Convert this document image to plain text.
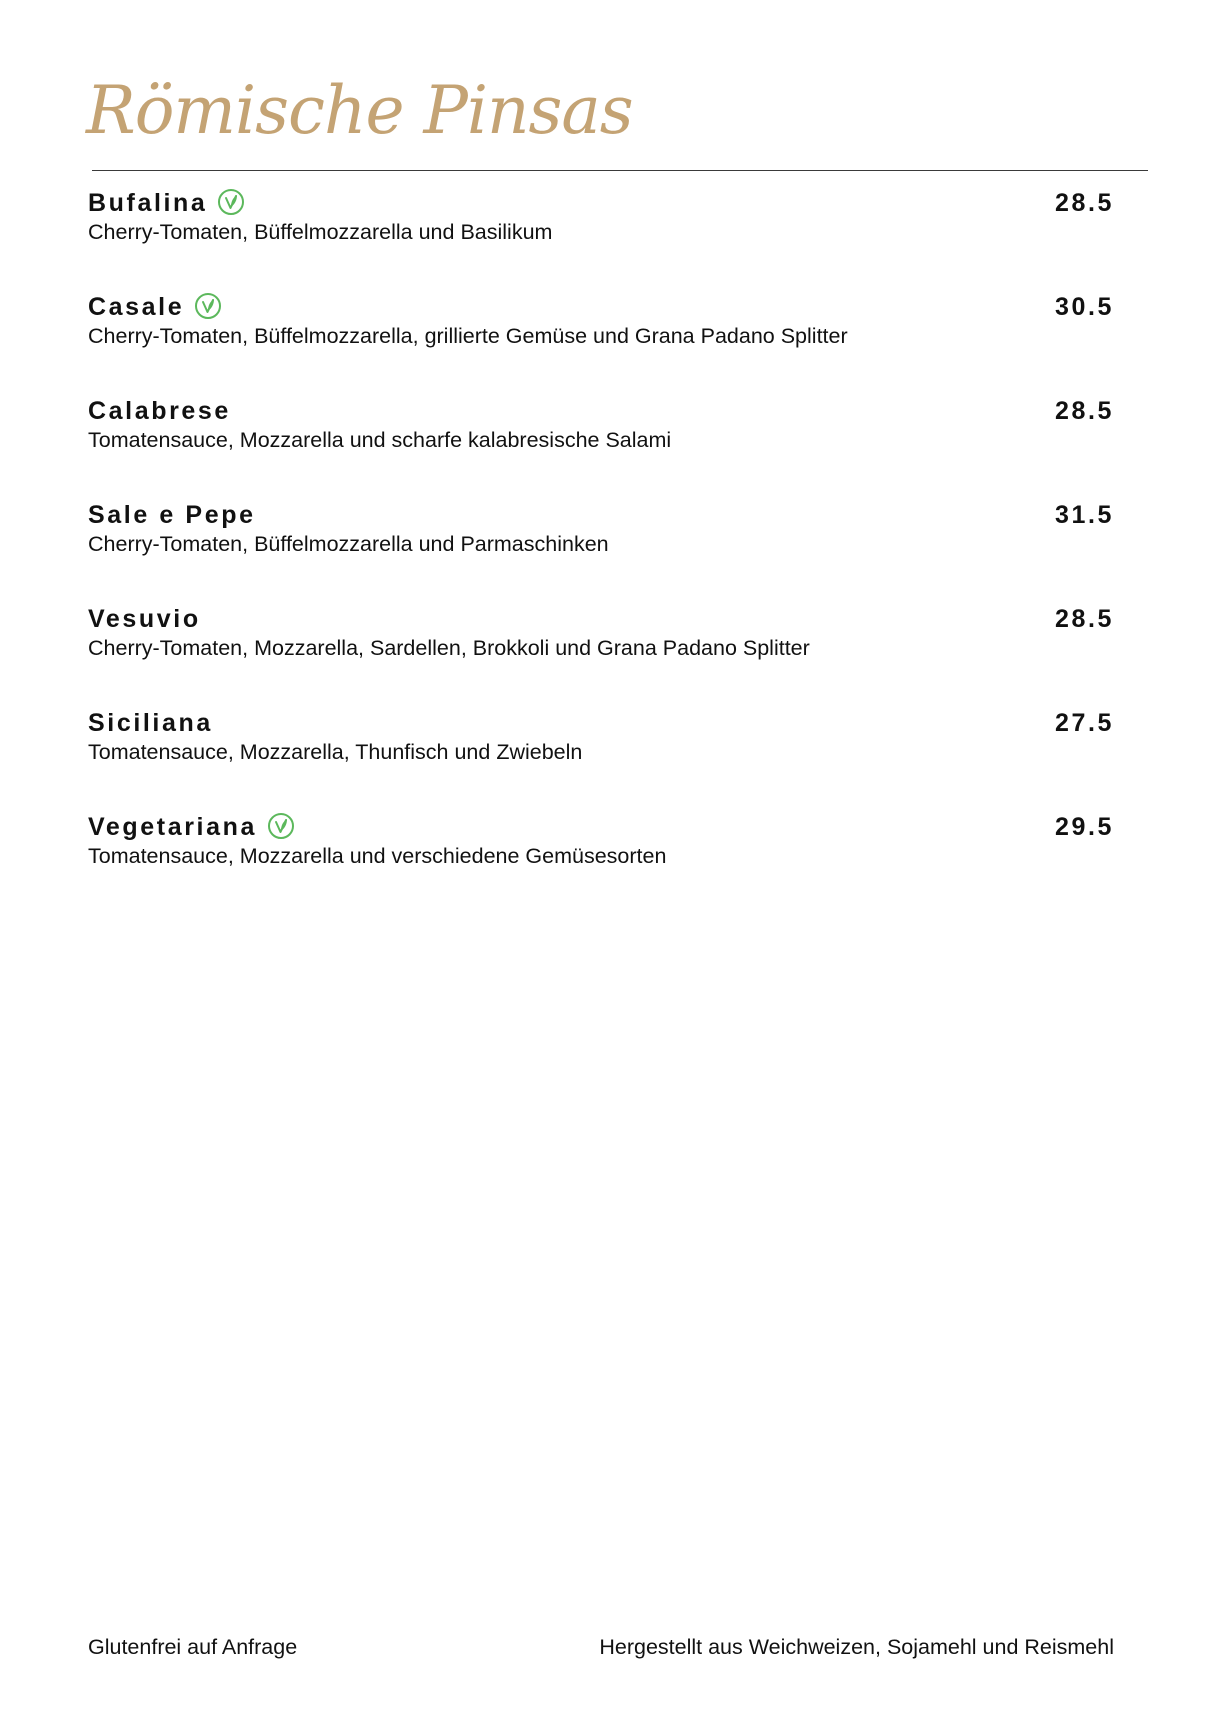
Römische Pinsas
Bufalina
Cherry-Tomaten, Büffelmozzarella und Basilikum
28.5
Casale
Cherry-Tomaten, Büffelmozzarella, grillierte Gemüse und Grana Padano Splitter
30.5
Calabrese
Tomatensauce, Mozzarella und scharfe kalabresische Salami
28.5
Sale e Pepe
Cherry-Tomaten, Büffelmozzarella und Parmaschinken
31.5
Vesuvio
Cherry-Tomaten, Mozzarella, Sardellen, Brokkoli und Grana Padano Splitter
28.5
Siciliana
Tomatensauce, Mozzarella, Thunfisch und Zwiebeln
27.5
Vegetariana
Tomatensauce, Mozzarella und verschiedene Gemüsesorten
29.5
Glutenfrei auf Anfrage	Hergestellt aus Weichweizen, Sojamehl und Reismehl
